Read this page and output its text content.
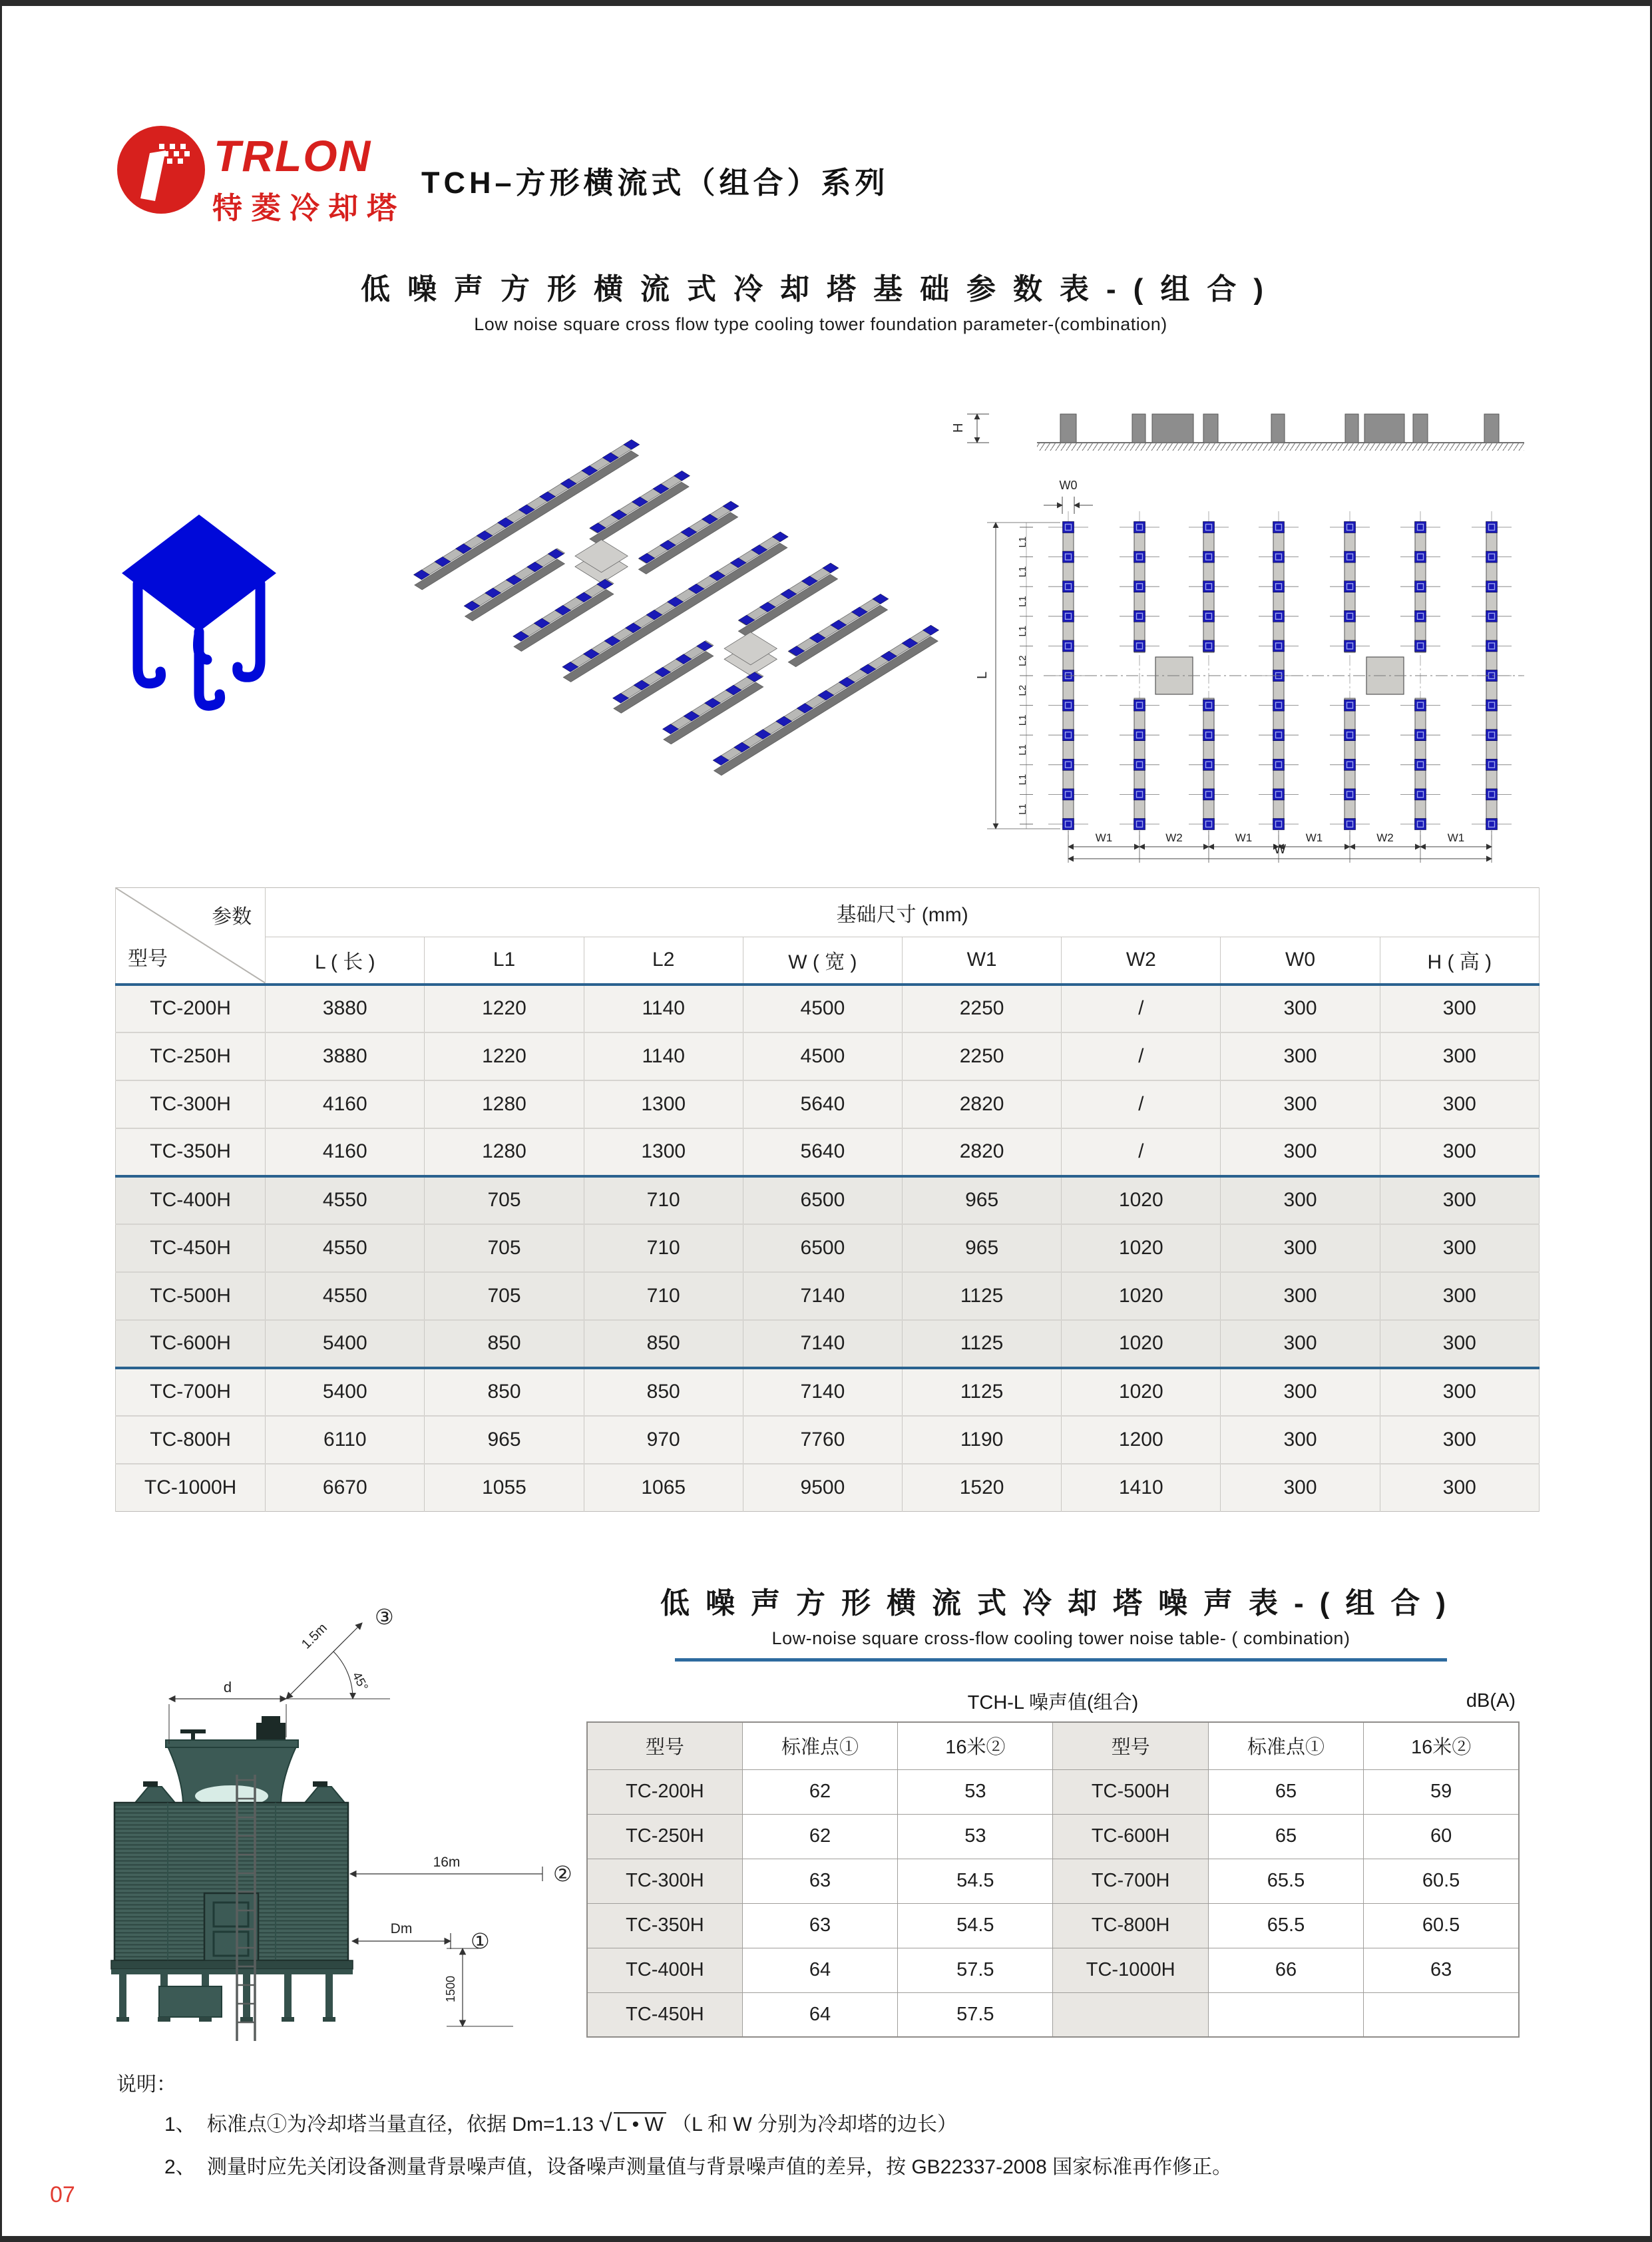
TRLON
特菱冷却塔
TCH–方形横流式（组合）系列
低噪声方形横流式冷却塔基础参数表-(组合)
Low noise square cross flow type cooling tower foundation parameter-(combination)
H
W0
L1
L1
L1
L1
L2
L2
L1
L1
L1
L1
W1	W2	W1	W1	W2	W1
L
W
参数
型号	基础尺寸 (mm)							
	L ( 长 )	L1	L2	W ( 宽 )	W1	W2	W0	H ( 高 )
TC-200H	3880	1220	1140	4500	2250	/	300	300
TC-250H	3880	1220	1140	4500	2250	/	300	300
TC-300H	4160	1280	1300	5640	2820	/	300	300
TC-350H	4160	1280	1300	5640	2820	/	300	300
TC-400H	4550	705	710	6500	965	1020	300	300
TC-450H	4550	705	710	6500	965	1020	300	300
TC-500H	4550	705	710	7140	1125	1020	300	300
TC-600H	5400	850	850	7140	1125	1020	300	300
TC-700H	5400	850	850	7140	1125	1020	300	300
TC-800H	6110	965	970	7760	1190	1200	300	300
TC-1000H	6670	1055	1065	9500	1520	1410	300	300
低噪声方形横流式冷却塔噪声表-(组合)
Low-noise square cross-flow cooling tower noise table- ( combination)
d
1.5m
③
45°
16m	②
Dm
①
1500
TCH-L 噪声值(组合)	dB(A)
型号	标准点①	16米②	型号	标准点①	16米②
TC-200H	62	53	TC-500H	65	59
TC-250H	62	53	TC-600H	65	60
TC-300H	63	54.5	TC-700H	65.5	60.5
TC-350H	63	54.5	TC-800H	65.5	60.5
TC-400H	64	57.5	TC-1000H	66	63
TC-450H	64	57.5			
说明：
1、 标准点①为冷却塔当量直径，依据 Dm=1.13 √ L • W （L 和 W 分别为冷却塔的边长）
2、 测量时应先关闭设备测量背景噪声值，设备噪声测量值与背景噪声值的差异，按 GB22337-2008 国家标准再作修正。
07
